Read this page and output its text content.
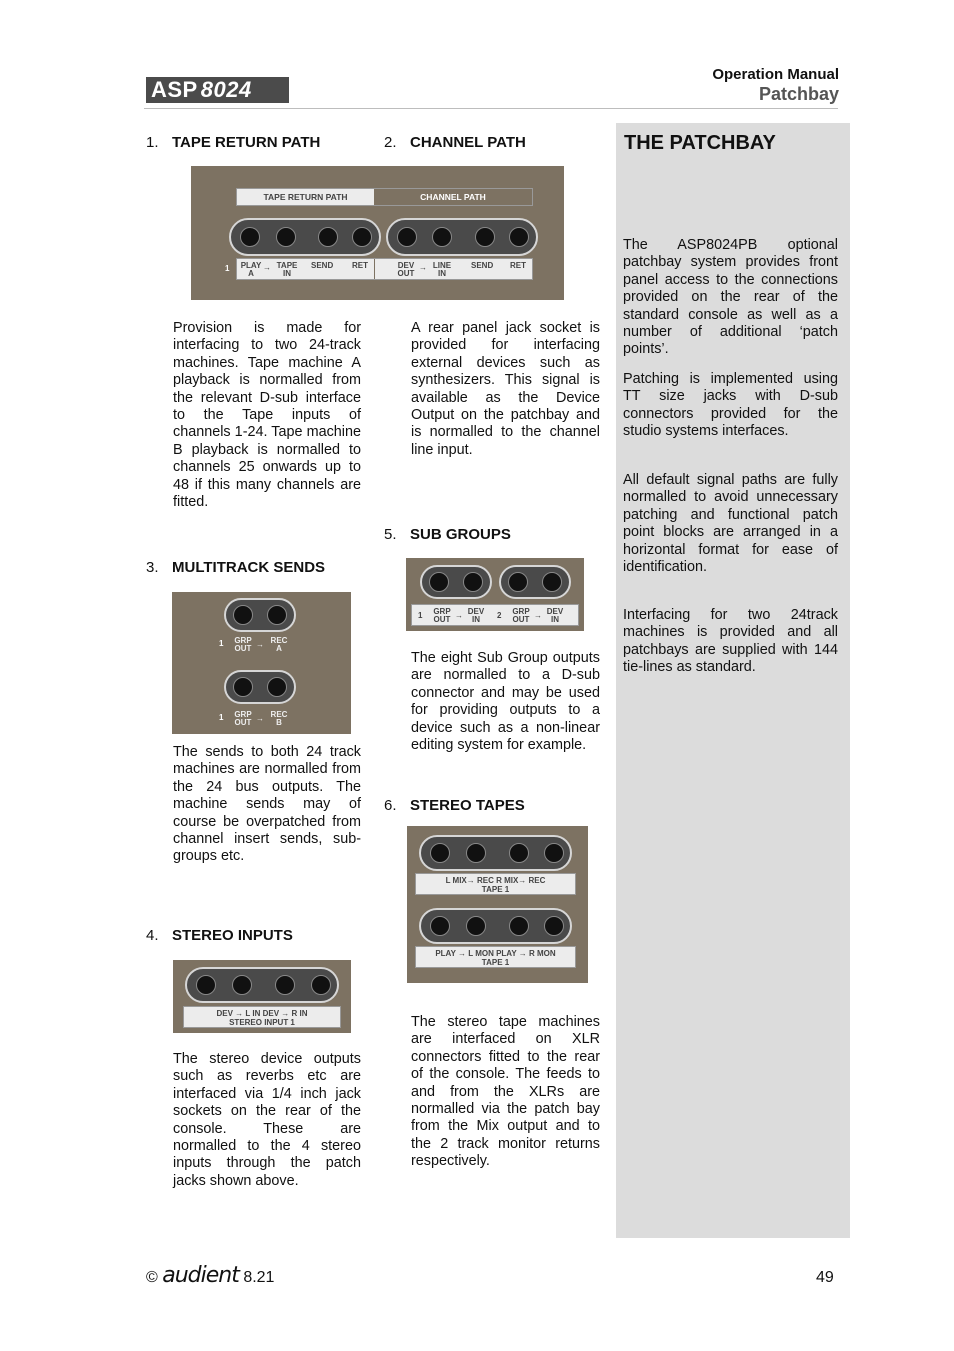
ASP 8024
Operation Manual
Patchbay
1. TAPE RETURN PATH	2. CHANNEL PATH
3. MULTITRACK SENDS
4. STEREO INPUTS
5. SUB GROUPS
6. STEREO TAPES
TAPE RETURN PATH	CHANNEL PATH
1 PLAY A
→ TAPE IN
SEND RET	DEV OUT
→ LINE IN
SEND RET
Provision is made for interfacing to two 24-track machines. Tape machine A playback is normalled from the relevant D-sub interface to the Tape inputs of channels 1-24. Tape machine B playback is normalled to channels 25 onwards up to 48 if this many channels are fitted.
1	GRP OUT → REC A
1	GRP OUT → REC B
The sends to both 24 track machines are normalled from the 24 bus outputs. The machine sends may of course be overpatched from channel insert sends, sub-groups etc.
DEV → L IN DEV → R IN
STEREO INPUT 1
The stereo device outputs such as reverbs etc are interfaced via 1/4 inch jack sockets on the rear of the console. These are normalled to the 4 stereo inputs through the patch jacks shown above.
A rear panel jack socket is provided for interfacing external devices such as synthesizers. This signal is available as the Device Output on the patchbay and is normalled to the channel line input.
1	GRP OUT → DEV IN	2	GRP OUT → DEV IN
The eight Sub Group outputs are normalled to a D-sub connector and may be used for providing outputs to a device such as a non-linear editing system for example.
L MIX→ REC R MIX→ REC
TAPE 1
PLAY → L MON PLAY → R MON
TAPE 1
The stereo tape machines are interfaced on XLR connectors fitted to the rear of the console. The feeds to and from the XLRs are normalled via the patch bay from the Mix output and to the 2 track monitor returns respectively.
THE PATCHBAY
The ASP8024PB optional patchbay system provides front panel access to the connections provided on the rear of the standard console as well as a number of additional ‘patch points’.
Patching is implemented using TT size jacks with D-sub connectors provided for the studio systems interfaces.
All default signal paths are fully normalled to avoid unnecessary patching and functional patch point blocks are arranged in a horizontal format for ease of identification.
Interfacing for two 24track machines is provided and all patchbays are supplied with 144 tie-lines as standard.
© audient 8.21	49
